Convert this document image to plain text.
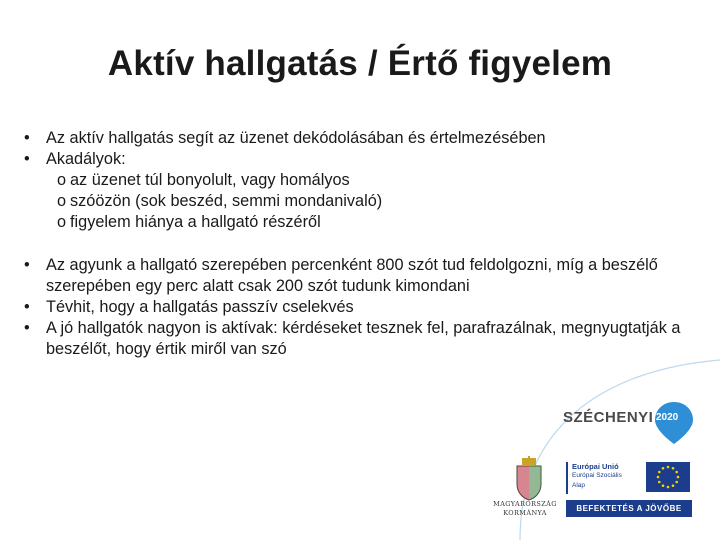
Aktív hallgatás / Értő figyelem
• Az aktív hallgatás segít az üzenet dekódolásában és értelmezésében
• Akadályok:
o az üzenet túl bonyolult, vagy homályos
o szóözön (sok beszéd, semmi mondanivaló)
o figyelem hiánya a hallgató részéről
• Az agyunk a hallgató szerepében percenként 800 szót tud feldolgozni, míg a beszélő szerepében egy perc alatt csak 200 szót tudunk kimondani
• Tévhit, hogy a hallgatás passzív cselekvés
• A jó hallgatók nagyon is aktívak: kérdéseket tesznek fel, parafrazálnak, megnyugtatják a beszélőt, hogy értik miről van szó
SZÉCHENYI 2020
MAGYARORSZÁG
KORMÁNYA
Európai Unió
Európai Szociális
Alap
BEFEKTETÉS A JÖVŐBE
